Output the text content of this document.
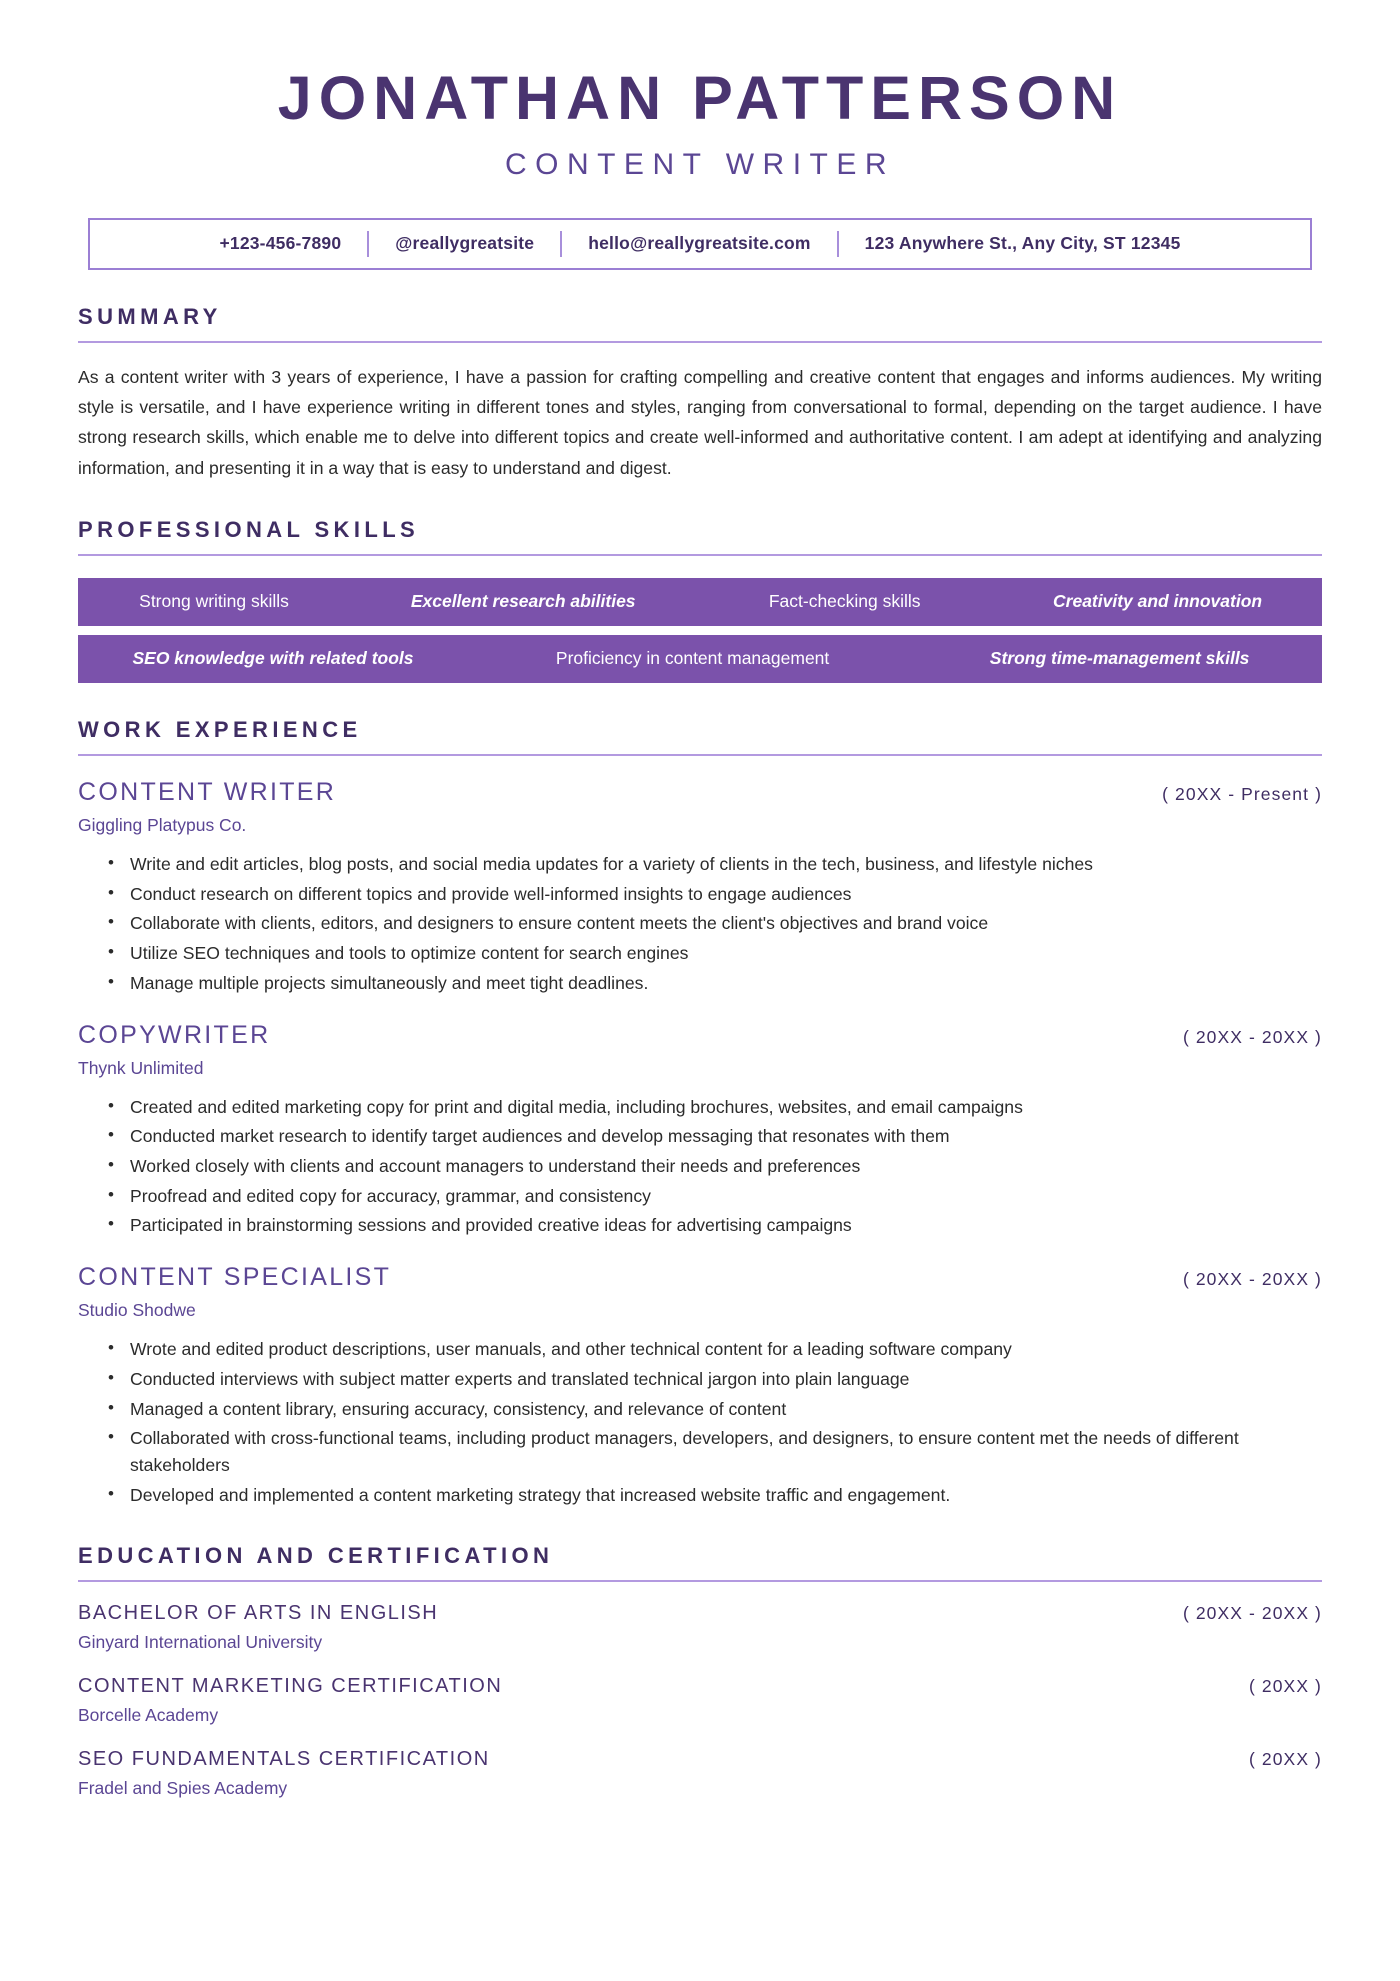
JONATHAN PATTERSON
CONTENT WRITER
+123-456-7890	@reallygreatsite	hello@reallygreatsite.com	123 Anywhere St., Any City, ST 12345
SUMMARY

As a content writer with 3 years of experience, I have a passion for crafting compelling and creative content that engages and informs audiences. My writing style is versatile, and I have experience writing in different tones and styles, ranging from conversational to formal, depending on the target audience. I have strong research skills, which enable me to delve into different topics and create well-informed and authoritative content. I am adept at identifying and analyzing information, and presenting it in a way that is easy to understand and digest.

PROFESSIONAL SKILLS
Strong writing skills	Excellent research abilities	Fact-checking skills	Creativity and innovation
SEO knowledge with related tools	Proficiency in content management	Strong time-management skills
WORK EXPERIENCE
CONTENT WRITER	( 20XX - Present )
Giggling Platypus Co.
• Write and edit articles, blog posts, and social media updates for a variety of clients in the tech, business, and lifestyle niches
• Conduct research on different topics and provide well-informed insights to engage audiences
• Collaborate with clients, editors, and designers to ensure content meets the client's objectives and brand voice
• Utilize SEO techniques and tools to optimize content for search engines
• Manage multiple projects simultaneously and meet tight deadlines.
COPYWRITER	( 20XX - 20XX )
Thynk Unlimited
• Created and edited marketing copy for print and digital media, including brochures, websites, and email campaigns
• Conducted market research to identify target audiences and develop messaging that resonates with them
• Worked closely with clients and account managers to understand their needs and preferences
• Proofread and edited copy for accuracy, grammar, and consistency
• Participated in brainstorming sessions and provided creative ideas for advertising campaigns
CONTENT SPECIALIST	( 20XX - 20XX )
Studio Shodwe
• Wrote and edited product descriptions, user manuals, and other technical content for a leading software company
• Conducted interviews with subject matter experts and translated technical jargon into plain language
• Managed a content library, ensuring accuracy, consistency, and relevance of content
• Collaborated with cross-functional teams, including product managers, developers, and designers, to ensure content met the needs of different stakeholders
• Developed and implemented a content marketing strategy that increased website traffic and engagement.
EDUCATION AND CERTIFICATION
BACHELOR OF ARTS IN ENGLISH	( 20XX - 20XX )
Ginyard International University
CONTENT MARKETING CERTIFICATION	( 20XX )
Borcelle Academy
SEO FUNDAMENTALS CERTIFICATION	( 20XX )
Fradel and Spies Academy
